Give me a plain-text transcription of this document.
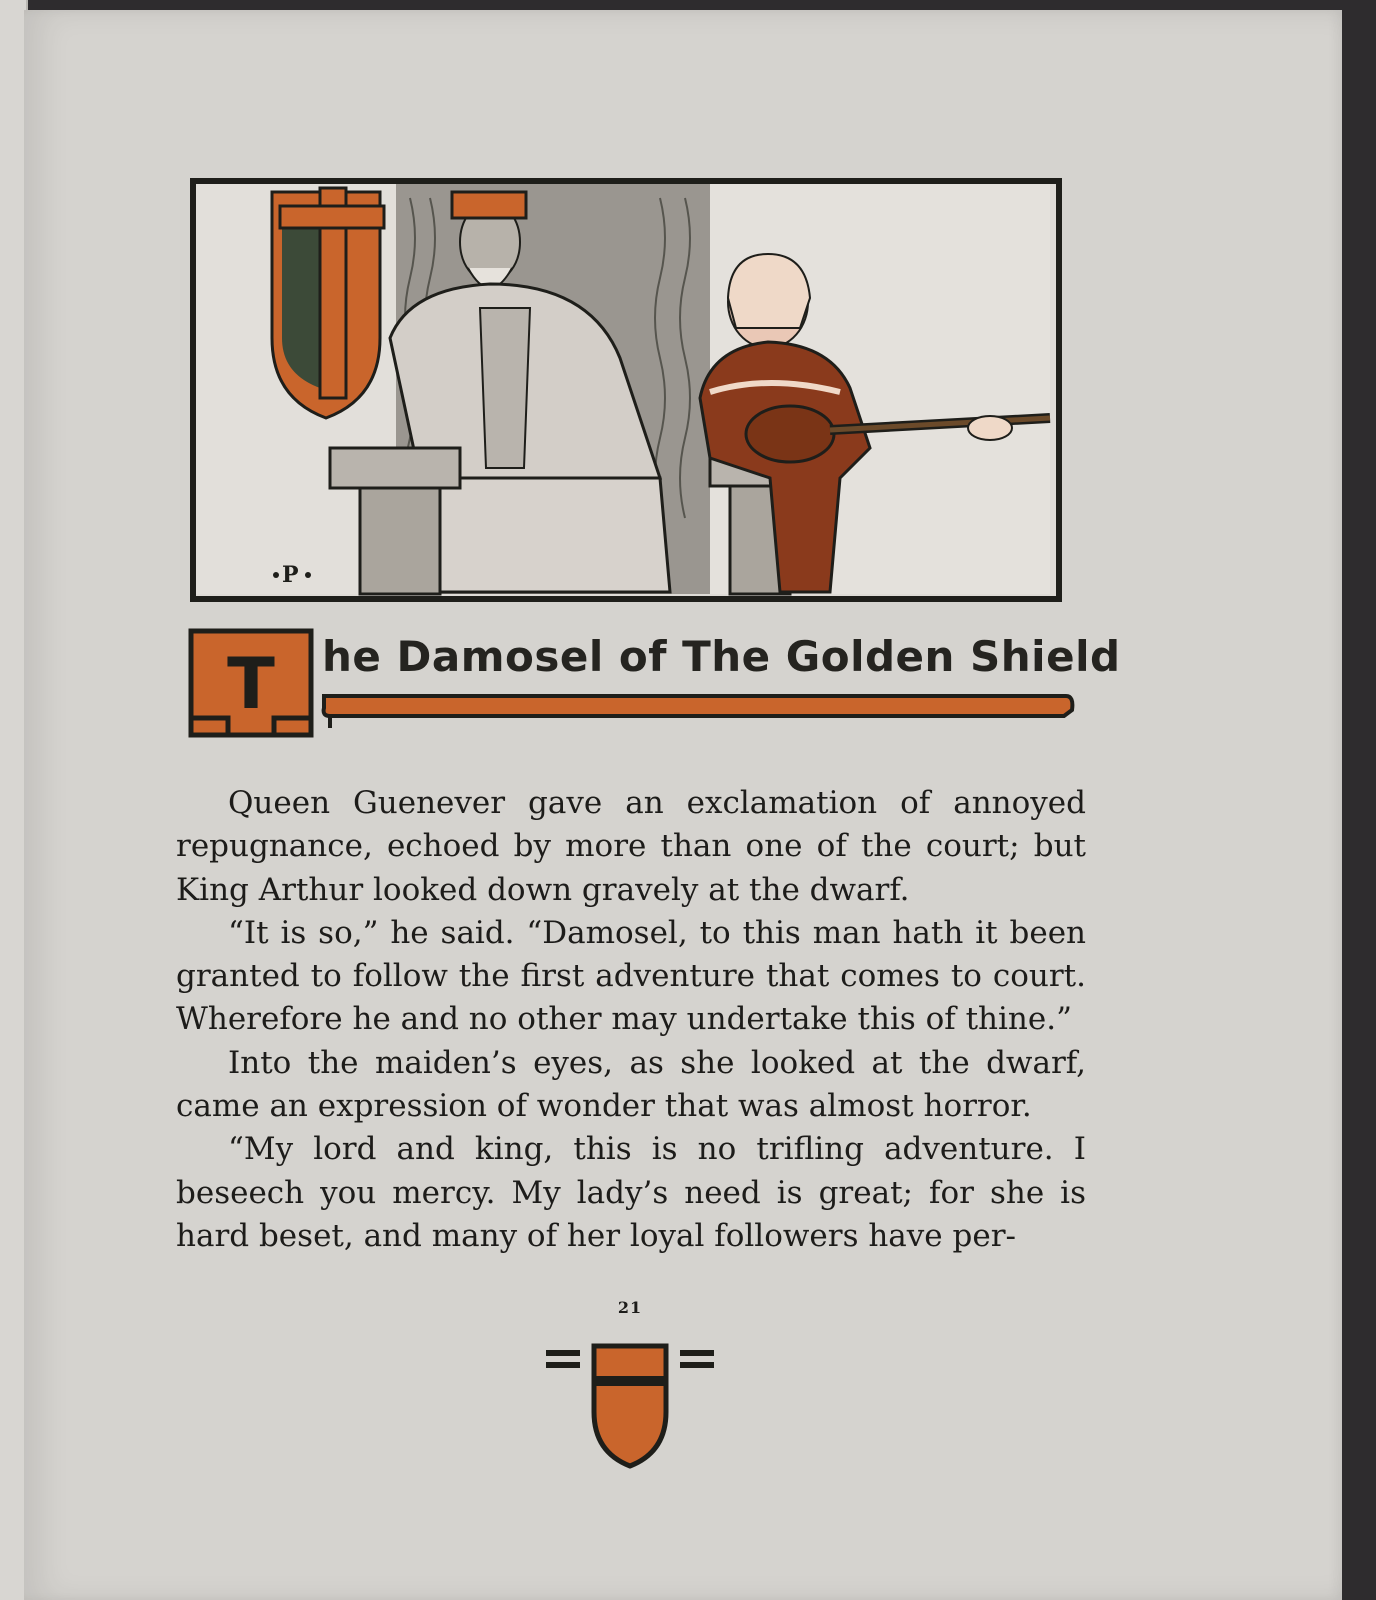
P
T he Damosel of The Golden Shield

Queen Guenever gave an exclamation of annoyed repugnance, echoed by more than one of the court; but King Arthur looked down gravely at the dwarf.

“It is so,” he said. “Damosel, to this man hath it been granted to follow the first adventure that comes to court. Wherefore he and no other may undertake this of thine.”

Into the maiden’s eyes, as she looked at the dwarf, came an expression of wonder that was almost horror.

“My lord and king, this is no trifling adventure. I beseech you mercy. My lady’s need is great; for she is hard beset, and many of her loyal followers have per-

21
